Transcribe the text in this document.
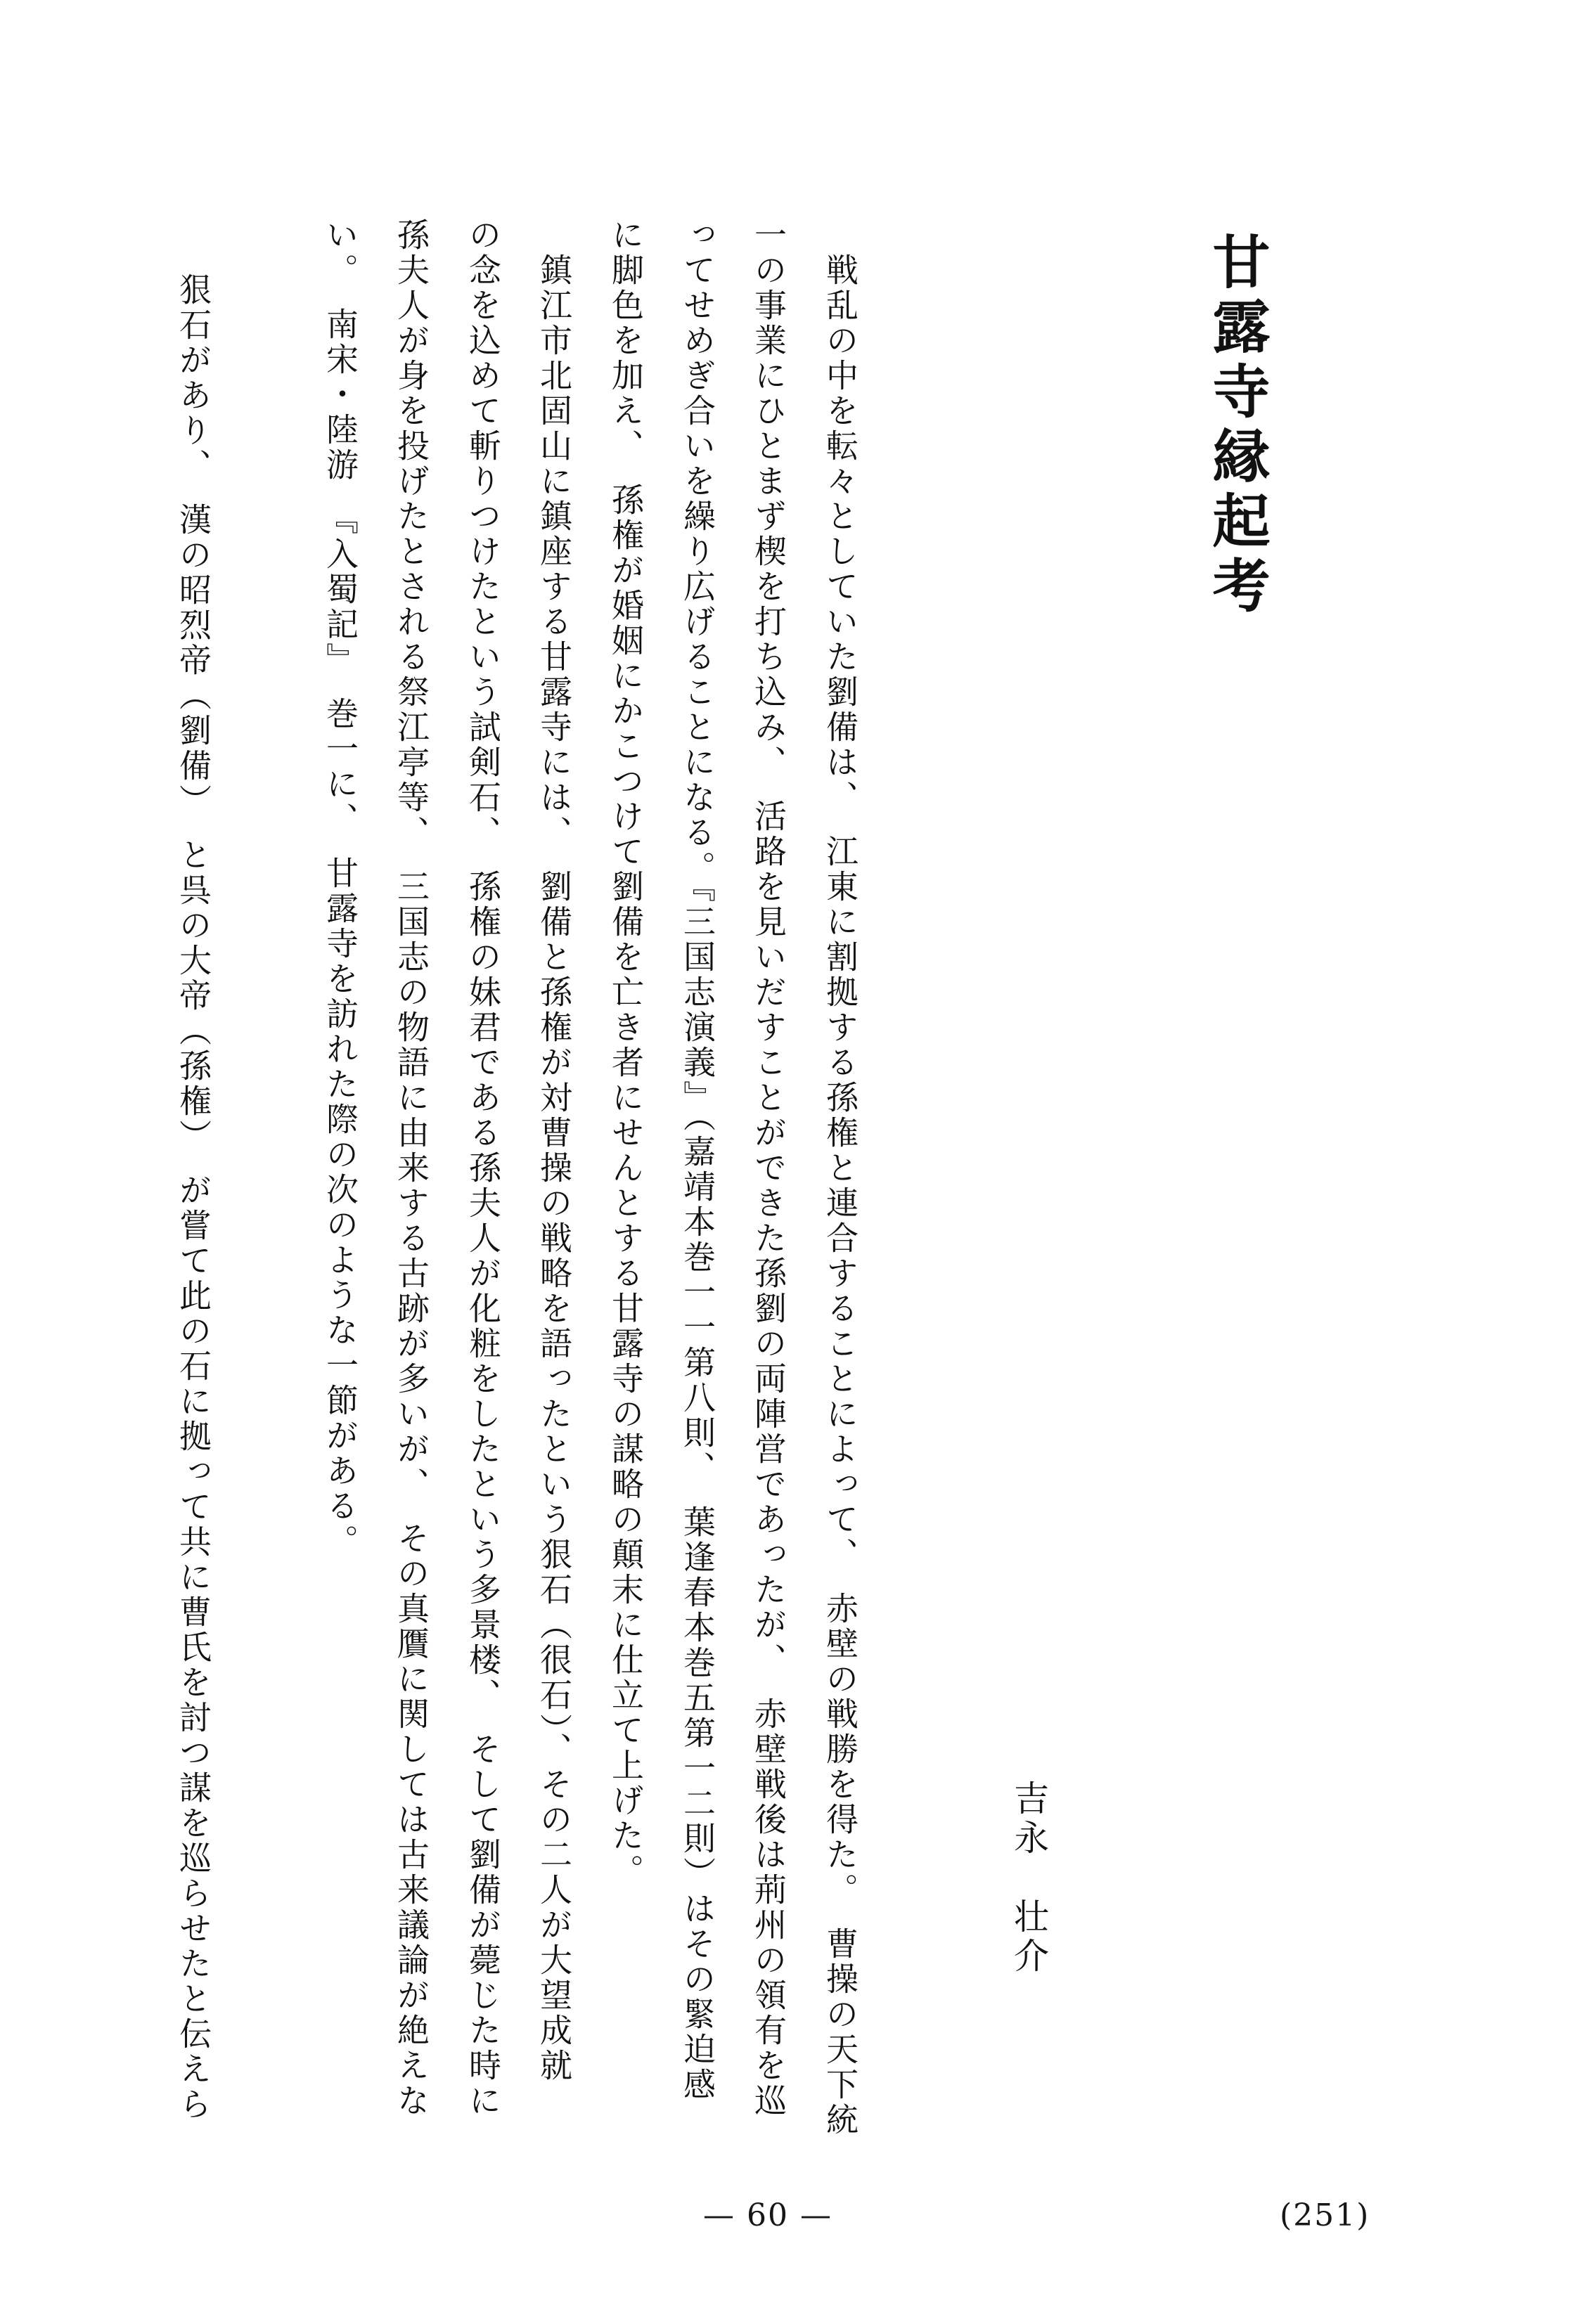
甘露寺縁起考
吉永　壮介
　戦乱の中を転々としていた劉備は、　江東に割拠する孫権と連合することによって、　赤壁の戦勝を得た。　曹操の天下統
一の事業にひとまず楔を打ち込み、　活路を見いだすことができた孫劉の両陣営であったが、　赤壁戦後は荊州の領有を巡
ってせめぎ合いを繰り広げることになる。『三国志演義』（嘉靖本巻一一第八則、　葉逢春本巻五第一二則）はその緊迫感
に脚色を加え、　孫権が婚姻にかこつけて劉備を亡き者にせんとする甘露寺の謀略の顛末に仕立て上げた。
　鎮江市北固山に鎮座する甘露寺には、　劉備と孫権が対曹操の戦略を語ったという狠石（很石）、その二人が大望成就
の念を込めて斬りつけたという試剣石、　孫権の妹君である孫夫人が化粧をしたという多景楼、　そして劉備が薨じた時に
孫夫人が身を投げたとされる祭江亭等、　三国志の物語に由来する古跡が多いが、　その真贋に関しては古来議論が絶えな
い。　南宋・陸游　『入蜀記』　巻一に、　甘露寺を訪れた際の次のような一節がある。
狠石があり、　漢の昭烈帝（劉備）　と呉の大帝（孫権）　が嘗て此の石に拠って共に曹氏を討つ謀を巡らせたと伝えら
— 60 —	(251)
